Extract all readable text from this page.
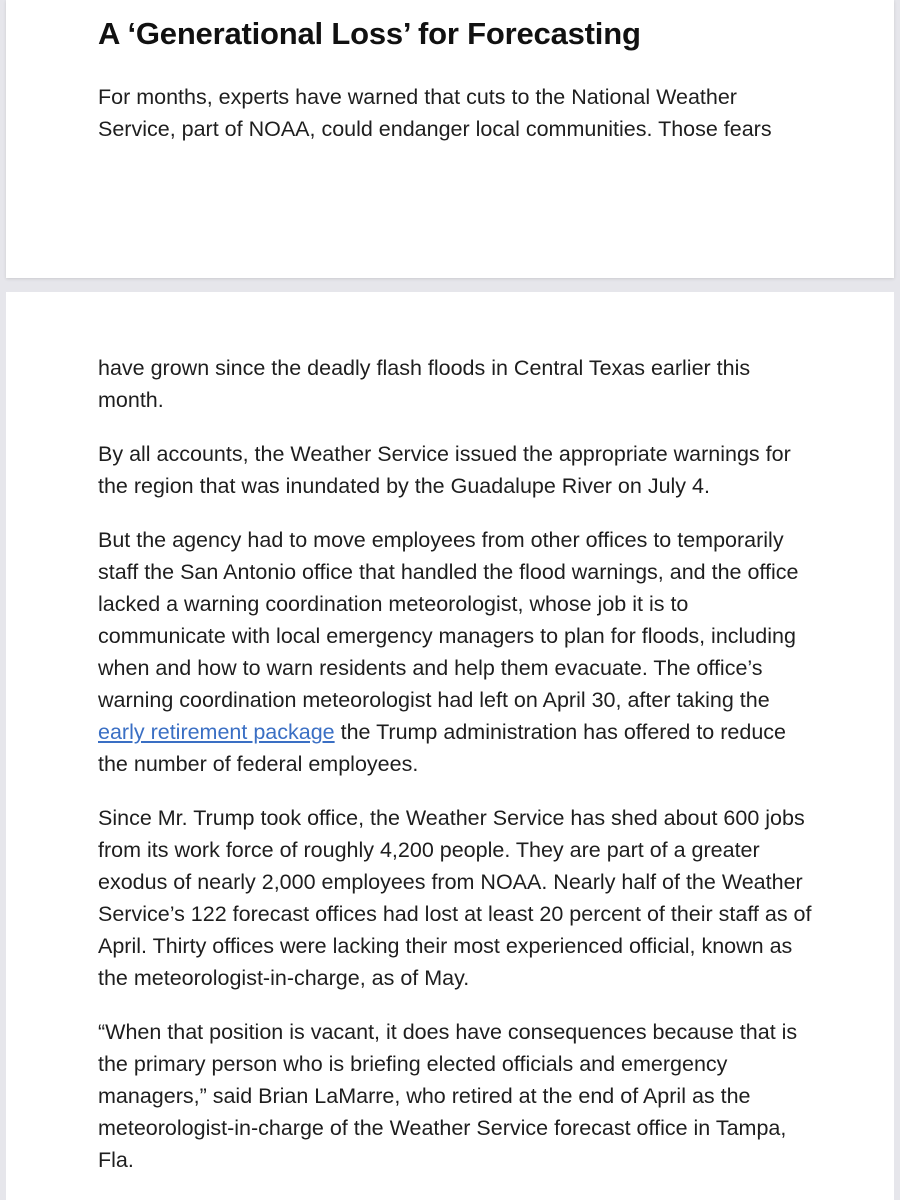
A ‘Generational Loss’ for Forecasting

For months, experts have warned that cuts to the National Weather Service, part of NOAA, could endanger local communities. Those fears

have grown since the deadly flash floods in Central Texas earlier this month.

By all accounts, the Weather Service issued the appropriate warnings for the region that was inundated by the Guadalupe River on July 4.

But the agency had to move employees from other offices to temporarily staff the San Antonio office that handled the flood warnings, and the office lacked a warning coordination meteorologist, whose job it is to communicate with local emergency managers to plan for floods, including when and how to warn residents and help them evacuate. The office’s warning coordination meteorologist had left on April 30, after taking the early retirement package the Trump administration has offered to reduce the number of federal employees.

Since Mr. Trump took office, the Weather Service has shed about 600 jobs from its work force of roughly 4,200 people. They are part of a greater exodus of nearly 2,000 employees from NOAA. Nearly half of the Weather Service’s 122 forecast offices had lost at least 20 percent of their staff as of April. Thirty offices were lacking their most experienced official, known as the meteorologist-in-charge, as of May.

“When that position is vacant, it does have consequences because that is the primary person who is briefing elected officials and emergency managers,” said Brian LaMarre, who retired at the end of April as the meteorologist-in-charge of the Weather Service forecast office in Tampa, Fla.
